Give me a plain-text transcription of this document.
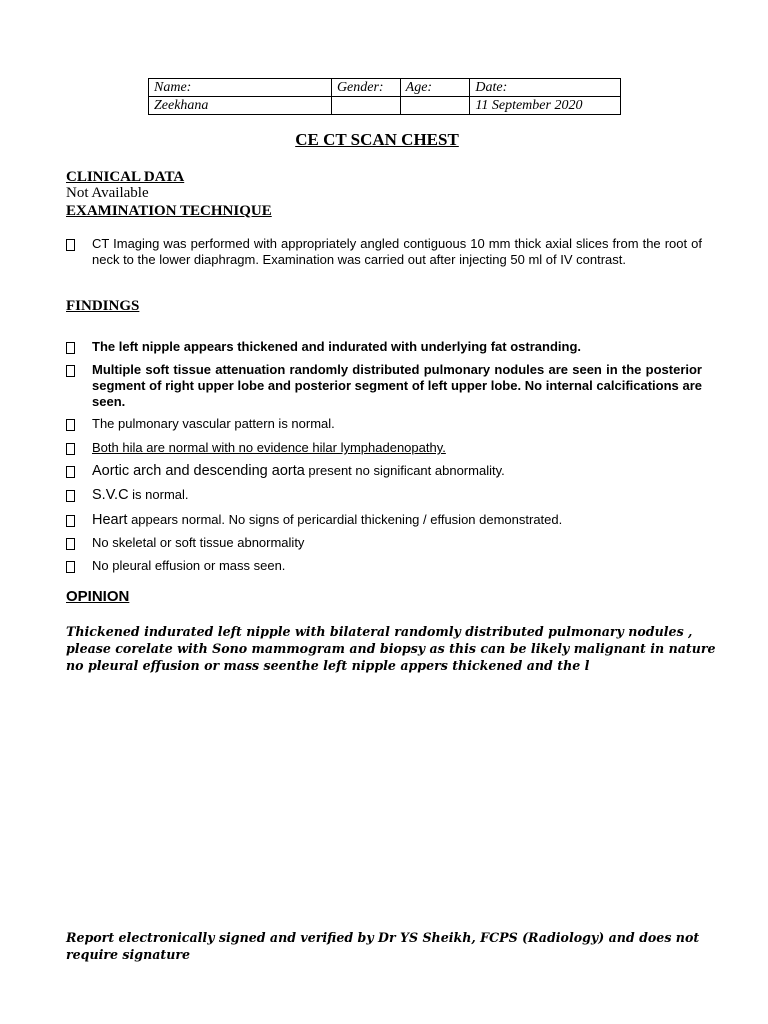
Name:	Gender:	Age:	Date:
Zeekhana			11 September 2020
CE CT SCAN CHEST
CLINICAL DATA
Not Available
EXAMINATION TECHNIQUE
CT Imaging was performed with appropriately angled contiguous 10 mm thick axial slices from the root of neck to the lower diaphragm. Examination was carried out after injecting 50 ml of IV contrast.
FINDINGS
The left nipple appears thickened and indurated with underlying fat ostranding.
Multiple soft tissue attenuation randomly distributed pulmonary nodules are seen in the posterior segment of right upper lobe and posterior segment of left upper lobe. No internal calcifications are seen.
The pulmonary vascular pattern is normal.
Both hila are normal with no evidence hilar lymphadenopathy.
Aortic arch and descending aorta present no significant abnormality.
S.V.C is normal.
Heart appears normal. No signs of pericardial thickening / effusion demonstrated.
No skeletal or soft tissue abnormality
No pleural effusion or mass seen.
OPINION
Thickened indurated left nipple with bilateral randomly distributed pulmonary nodules , please corelate with Sono mammogram and biopsy as this can be likely malignant in nature no pleural effusion or mass seenthe left nipple appers thickened and the l
Report electronically signed and verified by Dr YS Sheikh, FCPS (Radiology) and does not require signature
